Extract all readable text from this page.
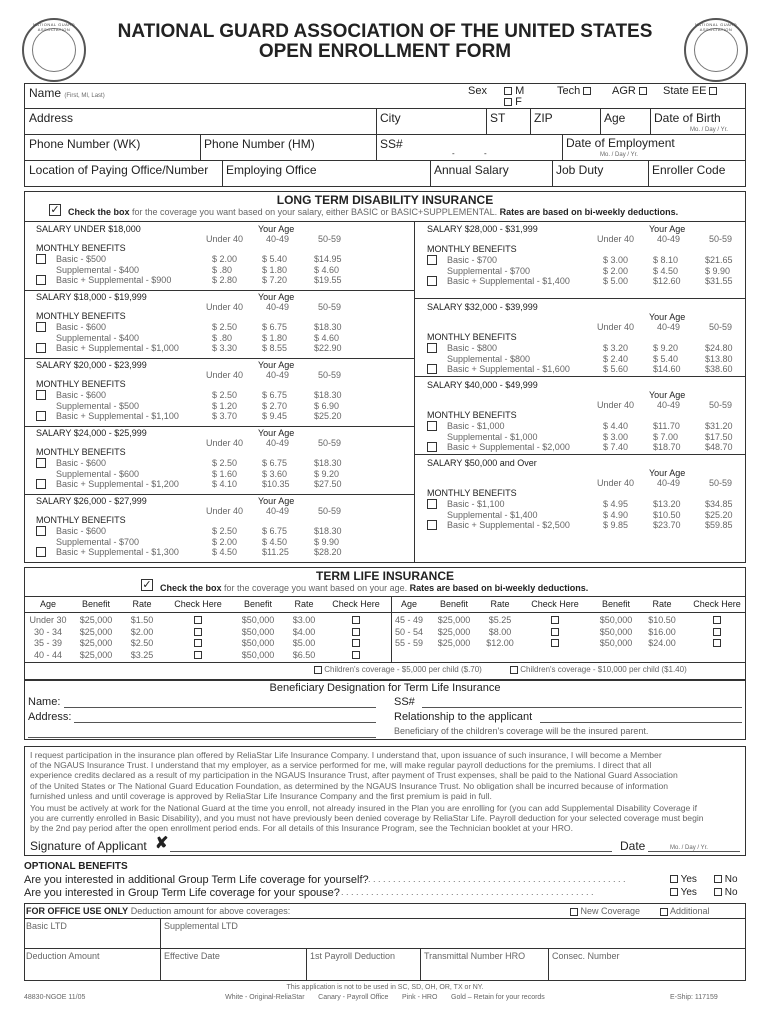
NATIONAL GUARD ASSOCIATION
NATIONAL GUARD ASSOCIATION
NATIONAL GUARD ASSOCIATION OF THE UNITED STATES
OPEN ENROLLMENT FORM
Name (First, MI, Last)	Sex	M
F
Tech	AGR	State EE
Address	City	ST ZIP	Age Date of Birth
Mo. / Day / Yr.
Phone Number (WK)	Phone Number (HM)	SS#
-	-
Date of Employment
Mo. / Day / Yr.
Location of Paying Office/Number Employing Office	Annual Salary	Job Duty	Enroller Code
LONG TERM DISABILITY INSURANCE
✓ Check the box for the coverage you want based on your salary, either BASIC or BASIC+SUPPLEMENTAL. Rates are based on bi-weekly deductions.
SALARY UNDER $18,000	Your Age
Under 40	40-49	50-59
MONTHLY BENEFITS
Basic - $500	$ 2.00	$ 5.40	$14.95
Supplemental - $400	$ .80	$ 1.80	$ 4.60
Basic + Supplemental - $900	$ 2.80	$ 7.20	$19.55
SALARY $18,000 - $19,999	Your Age
Under 40	40-49	50-59
MONTHLY BENEFITS
Basic - $600	$ 2.50	$ 6.75	$18.30
Supplemental - $400	$ .80	$ 1.80	$ 4.60
Basic + Supplemental - $1,000	$ 3.30	$ 8.55	$22.90
SALARY $20,000 - $23,999	Your Age
Under 40	40-49	50-59
MONTHLY BENEFITS
Basic - $600	$ 2.50	$ 6.75	$18.30
Supplemental - $500	$ 1.20	$ 2.70	$ 6.90
Basic + Supplemental - $1,100	$ 3.70	$ 9.45	$25.20
SALARY $24,000 - $25,999	Your Age
Under 40	40-49	50-59
MONTHLY BENEFITS
Basic - $600	$ 2.50	$ 6.75	$18.30
Supplemental - $600	$ 1.60	$ 3.60	$ 9.20
Basic + Supplemental - $1,200	$ 4.10	$10.35	$27.50
SALARY $26,000 - $27,999	Your Age
Under 40	40-49	50-59
MONTHLY BENEFITS
Basic - $600	$ 2.50	$ 6.75	$18.30
Supplemental - $700	$ 2.00	$ 4.50	$ 9.90
Basic + Supplemental - $1,300	$ 4.50	$11.25	$28.20
SALARY $28,000 - $31,999	Your Age
Under 40	40-49	50-59
MONTHLY BENEFITS
Basic - $700	$ 3.00	$ 8.10	$21.65
Supplemental - $700	$ 2.00	$ 4.50	$ 9.90
Basic + Supplemental - $1,400	$ 5.00	$12.60	$31.55
SALARY $32,000 - $39,999
Your Age
Under 40	40-49	50-59
MONTHLY BENEFITS
Basic - $800	$ 3.20	$ 9.20	$24.80
Supplemental - $800	$ 2.40	$ 5.40	$13.80
Basic + Supplemental - $1,600	$ 5.60	$14.60	$38.60
SALARY $40,000 - $49,999
Your Age
Under 40	40-49	50-59
MONTHLY BENEFITS
Basic - $1,000	$ 4.40	$11.70	$31.20
Supplemental - $1,000	$ 3.00	$ 7.00	$17.50
Basic + Supplemental - $2,000	$ 7.40	$18.70	$48.70
SALARY $50,000 and Over
Your Age
Under 40	40-49	50-59
MONTHLY BENEFITS
Basic - $1,100	$ 4.95	$13.20	$34.85
Supplemental - $1,400	$ 4.90	$10.50	$25.20
Basic + Supplemental - $2,500	$ 9.85	$23.70	$59.85
TERM LIFE INSURANCE
✓ Check the box for the coverage you want based on your age. Rates are based on bi-weekly deductions.
Age	Benefit	Rate	Check Here	Benefit	Rate	Check Here	Age	Benefit	Rate	Check Here	Benefit	Rate	Check Here
Under 30	$25,000	$1.50	$50,000	$3.00	45 - 49	$25,000	$5.25	$50,000	$10.50
30 - 34	$25,000	$2.00	$50,000	$4.00	50 - 54	$25,000	$8.00	$50,000	$16.00
35 - 39	$25,000	$2.50	$50,000	$5.00	55 - 59	$25,000	$12.00	$50,000	$24.00
40 - 44	$25,000	$3.25	$50,000	$6.50
Children's coverage - $5,000 per child ($.70)	Children's coverage - $10,000 per child ($1.40)
Beneficiary Designation for Term Life Insurance
Name:
Address:
SS#
Relationship to the applicant
Beneficiary of the children's coverage will be the insured parent.
I request participation in the insurance plan offered by ReliaStar Life Insurance Company. I understand that, upon issuance of such insurance, I will become a Member
of the NGAUS Insurance Trust. I understand that my employer, as a service performed for me, will make regular payroll deductions for the premiums. I direct that all
experience credits declared as a result of my participation in the NGAUS Insurance Trust, after payment of Trust expenses, shall be paid to the National Guard Association
of the United States or The National Guard Education Foundation, as determined by the NGAUS Insurance Trust. No obligation shall be incurred because of information
furnished unless and until coverage is approved by ReliaStar Life Insurance Company and the first premium is paid in full.
You must be actively at work for the National Guard at the time you enroll, not already insured in the Plan you are enrolling for (you can add Supplemental Disability Coverage if
you are currently enrolled in Basic Disability), and you must not have previously been denied coverage by ReliaStar Life. Payroll deduction for your selected coverage must begin
by the 2nd pay period after the open enrollment period ends. For all details of this Insurance Program, see the Technician booklet at your HRO.
Signature of Applicant ✘	Date	Mo. / Day / Yr.
OPTIONAL BENEFITS
Are you interested in additional Group Term Life coverage for yourself? . . . . . . . . . . . . . . . . . . . . . . . . . . . . . . . . . . . . . . . . . . . . . . . . . . . .	Yes	No
Are you interested in Group Term Life coverage for your spouse?
. . . . . . . . . . . . . . . . . . . . . . . . . . . . . . . . . . . . . . . . . . . . . . . . . . . .	Yes	No
FOR OFFICE USE ONLY Deduction amount for above coverages:	New Coverage	Additional
Basic LTD	Supplemental LTD
Deduction Amount	Effective Date	1st Payroll Deduction	Transmittal Number HRO	Consec. Number
This application is not to be used in SC, SD, OH, OR, TX or NY.
48830-NGOE 11/05	White - Original-ReliaStar       Canary - Payroll Office       Pink - HRO       Gold – Retain for your records	E-Ship: 117159
